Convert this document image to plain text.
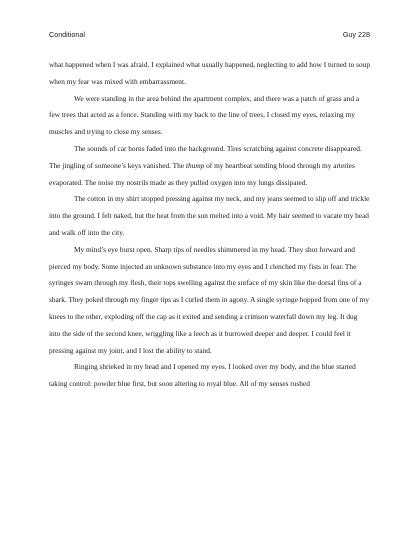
Conditional	Guy 228

what happened when I was afraid. I explained what usually happened, neglecting to add how I turned to soup when my fear was mixed with embarrassment.

We were standing in the area behind the apartment complex, and there was a patch of grass and a few trees that acted as a fence. Standing with my back to the line of trees, I closed my eyes, relaxing my muscles and trying to close my senses.

The sounds of car horns faded into the background. Tires scratching against concrete disappeared. The jingling of someone’s keys vanished. The thump of my heartbeat sending blood through my arteries evaporated. The noise my nostrils made as they pulled oxygen into my lungs dissipated.

The cotton in my shirt stopped pressing against my neck, and my jeans seemed to slip off and trickle into the ground. I felt naked, but the heat from the sun melted into a void. My hair seemed to vacate my head and walk off into the city.

My mind’s eye burst open. Sharp tips of needles shimmered in my head. They shot forward and pierced my body. Some injected an unknown substance into my eyes and I clenched my fists in fear. The syringes swam through my flesh, their tops swelling against the surface of my skin like the dorsal fins of a shark. They poked through my finger tips as I curled them in agony. A single syringe hopped from one of my knees to the other, exploding off the cap as it exited and sending a crimson waterfall down my leg. It dug into the side of the second knee, wriggling like a leech as it burrowed deeper and deeper. I could feel it pressing against my joint, and I lost the ability to stand.

Ringing shrieked in my head and I opened my eyes. I looked over my body, and the blue started taking control: powder blue first, but soon altering to royal blue. All of my senses rushed
